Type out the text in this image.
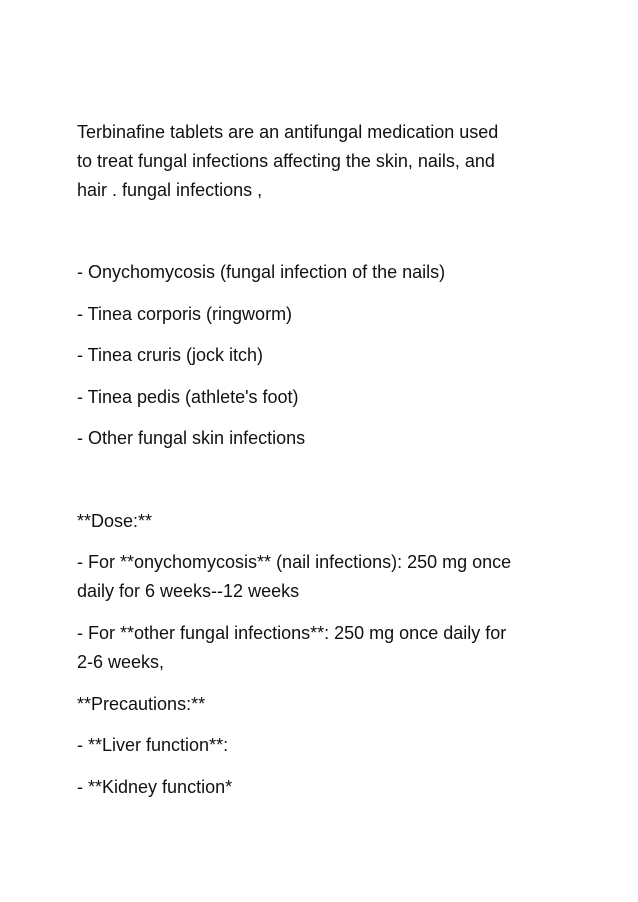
Terbinafine tablets are an antifungal medication used

to treat fungal infections affecting the skin, nails, and

hair . fungal infections ,

- Onychomycosis (fungal infection of the nails)

- Tinea corporis (ringworm)

- Tinea cruris (jock itch)

- Tinea pedis (athlete's foot)

- Other fungal skin infections

**Dose:**

- For **onychomycosis** (nail infections): 250 mg once

daily for 6 weeks--12 weeks

- For **other fungal infections**: 250 mg once daily for

2-6 weeks,

**Precautions:**

- **Liver function**:

- **Kidney function*
